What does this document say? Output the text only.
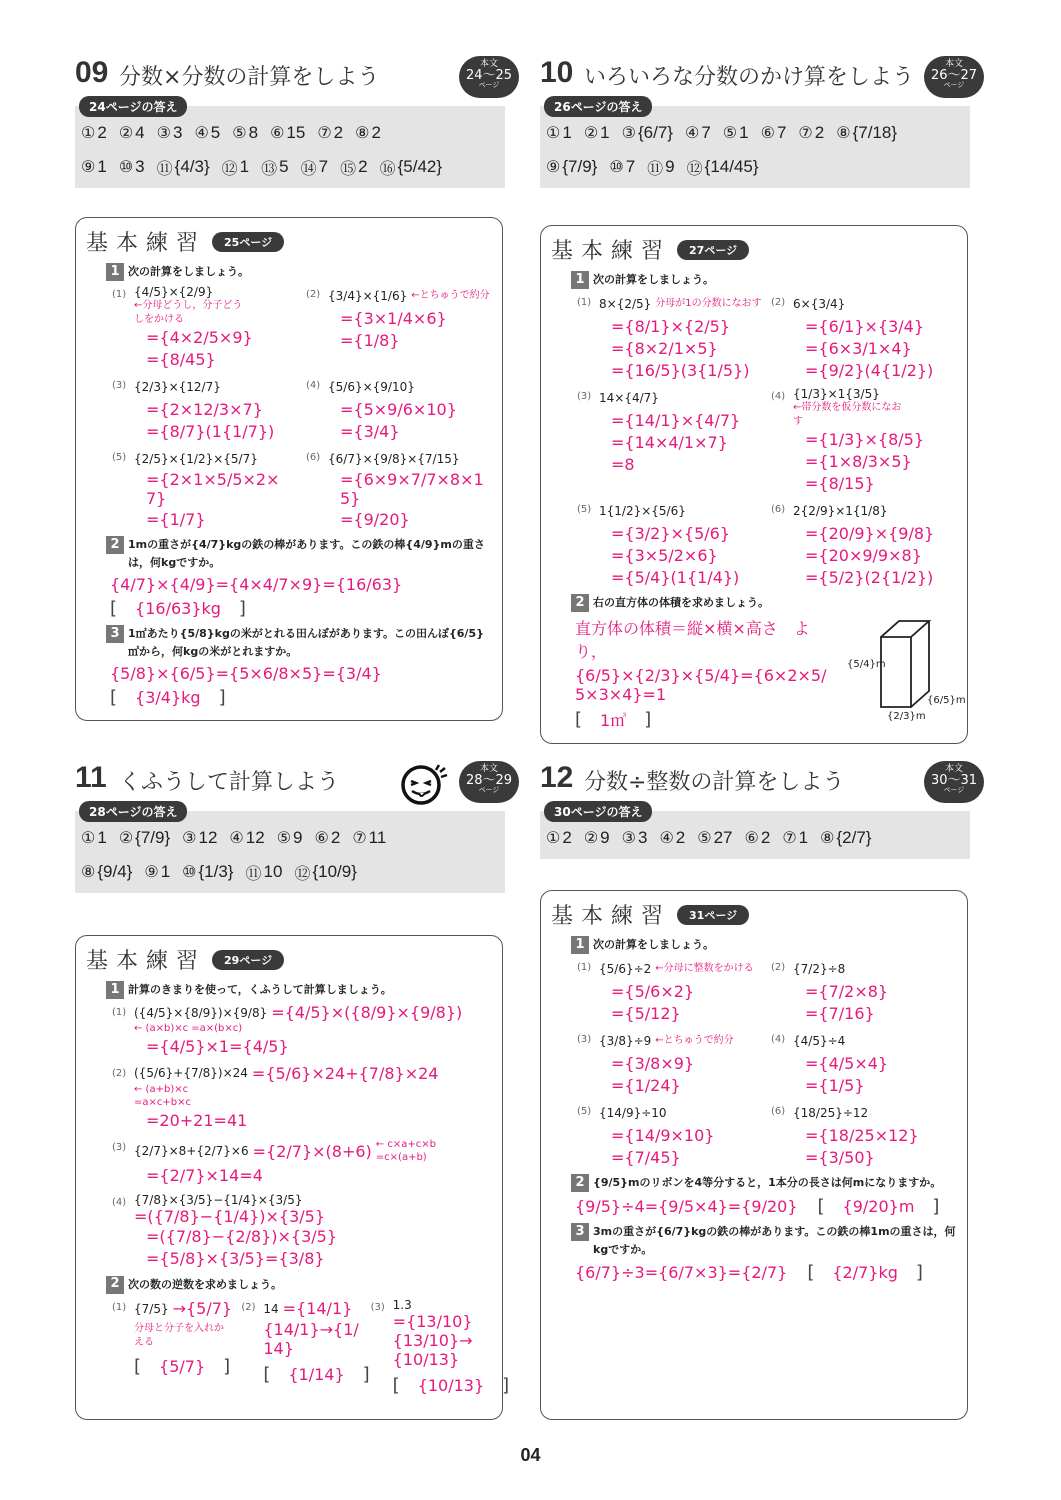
09 分数×分数の計算をしよう
本文
24〜25
ページ
24ページの答え
① 2 ② 4 ③ 3 ④ 5 ⑤ 8 ⑥ 15 ⑦ 2 ⑧ 2
⑨ 1 ⑩ 3 ⑪ {4/3} ⑫ 1 ⑬ 5 ⑭ 7 ⑮ 2 ⑯ {5/42}
基本練習	25ページ
1 次の計算をしましょう。
(1) {4/5}×{2/9}
←分母どうし，分子どうしをかける
={4×2/5×9}
={8/45}
(2) {3/4}×{1/6} ←とちゅうで約分
={3×1/4×6}
={1/8}
(3) {2/3}×{12/7}
={2×12/3×7}
={8/7}(1{1/7})
(4) {5/6}×{9/10}
={5×9/6×10}
={3/4}
(5) {2/5}×{1/2}×{5/7}
={2×1×5/5×2×7}
={1/7}
(6) {6/7}×{9/8}×{7/15}
={6×9×7/7×8×15}
={9/20}
2 1mの重さが{4/7}kgの鉄の棒があります。この鉄の棒{4/9}mの重さは，何kgですか。
{4/7}×{4/9}={4×4/7×9}={16/63}
[ {16/63}kg ]
3 1㎡あたり{5/8}kgの米がとれる田んぼがあります。この田んぼ{6/5}㎡から，何kgの米がとれますか。
{5/8}×{6/5}={5×6/8×5}={3/4}
[ {3/4}kg ]
10 いろいろな分数のかけ算をしよう
本文
26〜27
ページ
26ページの答え
① 1 ② 1 ③ {6/7} ④ 7 ⑤ 1 ⑥ 7 ⑦ 2 ⑧ {7/18}
⑨ {7/9} ⑩ 7 ⑪ 9 ⑫ {14/45}
基本練習	27ページ
1 次の計算をしましょう。
(1) 8×{2/5} 分母が1の分数になおす
={8/1}×{2/5}
={8×2/1×5}
={16/5}(3{1/5})
(2) 6×{3/4}
={6/1}×{3/4}
={6×3/1×4}
={9/2}(4{1/2})
(3) 14×{4/7}
={14/1}×{4/7}
={14×4/1×7}
=8
(4) {1/3}×1{3/5}
←帯分数を仮分数になおす
={1/3}×{8/5}
={1×8/3×5}
={8/15}
(5) 1{1/2}×{5/6}
={3/2}×{5/6}
={3×5/2×6}
={5/4}(1{1/4})
(6) 2{2/9}×1{1/8}
={20/9}×{9/8}
={20×9/9×8}
={5/2}(2{1/2})
2 右の直方体の体積を求めましょう。
直方体の体積＝縦×横×高さ　より，
{6/5}×{2/3}×{5/4}={6×2×5/5×3×4}=1
[ 1㎥ ]
{5/4}m
{2/3}m
{6/5}m
11 くふうして計算しよう
本文
28〜29
ページ
28ページの答え
① 1 ② {7/9} ③ 12 ④ 12 ⑤ 9 ⑥ 2 ⑦ 11
⑧ {9/4} ⑨ 1 ⑩ {1/3} ⑪ 10 ⑫ {10/9}
基本練習	29ページ
1 計算のきまりを使って，くふうして計算しましょう。
(1) ({4/5}×{8/9})×{9/8} ={4/5}×({8/9}×{9/8})
← (a×b)×c =a×(b×c)
={4/5}×1={4/5}
(2) ({5/6}+{7/8})×24 ={5/6}×24+{7/8}×24
← (a+b)×c =a×c+b×c
=20+21=41
(3) {2/7}×8+{2/7}×6 ={2/7}×(8+6) ← c×a+c×b =c×(a+b)
={2/7}×14=4
(4) {7/8}×{3/5}−{1/4}×{3/5}
=({7/8}−{1/4})×{3/5}
=({7/8}−{2/8})×{3/5}
={5/8}×{3/5}={3/8}
2 次の数の逆数を求めましょう。
(1) {7/5} →{5/7}
分母と分子を入れかえる
[ {5/7} ]
(2) 14 ={14/1}
{14/1}→{1/14}
[ {1/14} ]
(3) 1.3
={13/10}
{13/10}→{10/13}
[ {10/13} ]
12 分数÷整数の計算をしよう
本文
30〜31
ページ
30ページの答え
① 2 ② 9 ③ 3 ④ 2 ⑤ 27 ⑥ 2 ⑦ 1 ⑧ {2/7}
基本練習	31ページ
1 次の計算をしましょう。
(1) {5/6}÷2 ←分母に整数をかける
={5/6×2}
={5/12}
(2) {7/2}÷8
={7/2×8}
={7/16}
(3) {3/8}÷9 ←とちゅうで約分
={3/8×9}
={1/24}
(4) {4/5}÷4
={4/5×4}
={1/5}
(5) {14/9}÷10
={14/9×10}
={7/45}
(6) {18/25}÷12
={18/25×12}
={3/50}
2 {9/5}mのリボンを4等分すると，1本分の長さは何mになりますか。
{9/5}÷4={9/5×4}={9/20} [ {9/20}m ]
3 3mの重さが{6/7}kgの鉄の棒があります。この鉄の棒1mの重さは，何kgですか。
{6/7}÷3={6/7×3}={2/7} [ {2/7}kg ]
04
